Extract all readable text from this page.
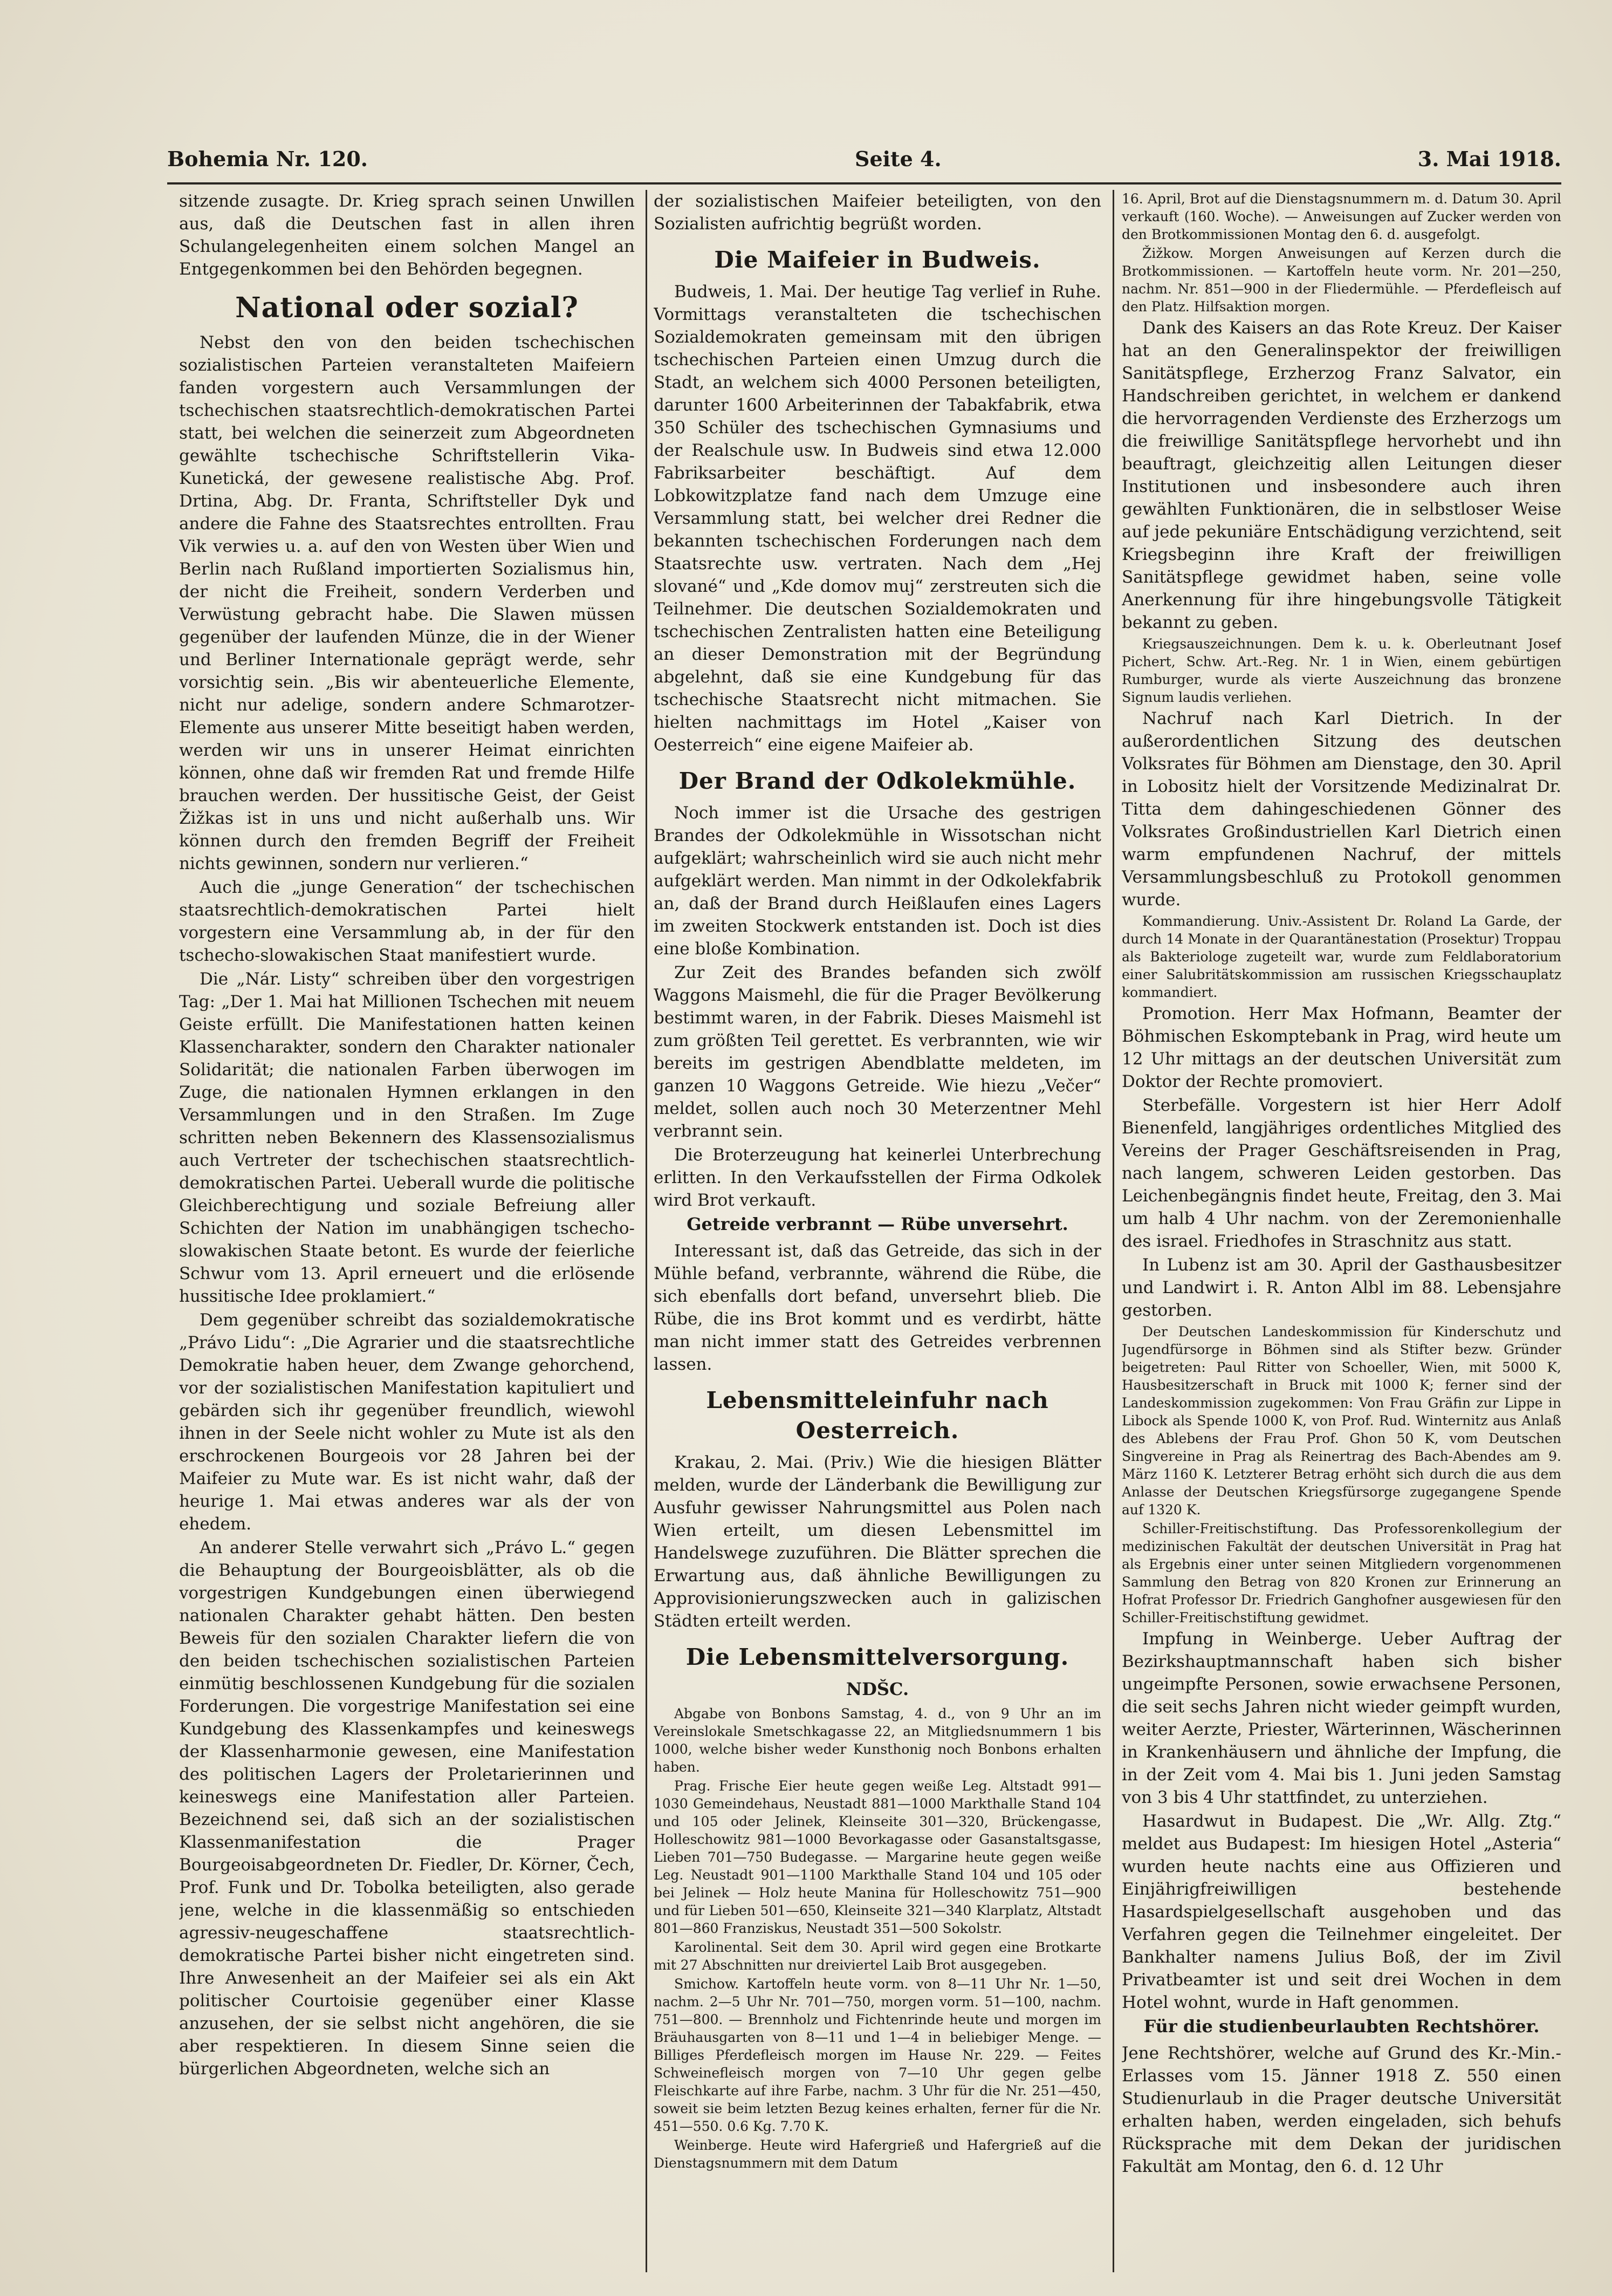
Bohemia Nr. 120.	Seite 4.	3. Mai 1918.

sitzende zusagte. Dr. Krieg sprach seinen Unwillen aus, daß die Deutschen fast in allen ihren Schulangelegenheiten einem solchen Mangel an Entgegenkommen bei den Behörden begegnen.

National oder sozial?

Nebst den von den beiden tschechischen sozialistischen Parteien veranstalteten Maifeiern fanden vorgestern auch Versammlungen der tschechischen staatsrechtlich-demokratischen Partei statt, bei welchen die seinerzeit zum Abgeordneten gewählte tschechische Schriftstellerin Vika-Kunetická, der gewesene realistische Abg. Prof. Drtina, Abg. Dr. Franta, Schriftsteller Dyk und andere die Fahne des Staatsrechtes entrollten. Frau Vik verwies u. a. auf den von Westen über Wien und Berlin nach Rußland importierten Sozialismus hin, der nicht die Freiheit, sondern Verderben und Verwüstung gebracht habe. Die Slawen müssen gegenüber der laufenden Münze, die in der Wiener und Berliner Internationale geprägt werde, sehr vorsichtig sein. „Bis wir abenteuerliche Elemente, nicht nur adelige, sondern andere Schmarotzer-Elemente aus unserer Mitte beseitigt haben werden, werden wir uns in unserer Heimat einrichten können, ohne daß wir fremden Rat und fremde Hilfe brauchen werden. Der hussitische Geist, der Geist Žižkas ist in uns und nicht außerhalb uns. Wir können durch den fremden Begriff der Freiheit nichts gewinnen, sondern nur verlieren.“

Auch die „junge Generation“ der tschechischen staatsrechtlich-demokratischen Partei hielt vorgestern eine Versammlung ab, in der für den tschecho-slowakischen Staat manifestiert wurde.

Die „Nár. Listy“ schreiben über den vorgestrigen Tag: „Der 1. Mai hat Millionen Tschechen mit neuem Geiste erfüllt. Die Manifestationen hatten keinen Klassencharakter, sondern den Charakter nationaler Solidarität; die nationalen Farben überwogen im Zuge, die nationalen Hymnen erklangen in den Versammlungen und in den Straßen. Im Zuge schritten neben Bekennern des Klassensozialismus auch Vertreter der tschechischen staatsrechtlich-demokratischen Partei. Ueberall wurde die politische Gleichberechtigung und soziale Befreiung aller Schichten der Nation im unabhängigen tschecho-slowakischen Staate betont. Es wurde der feierliche Schwur vom 13. April erneuert und die erlösende hussitische Idee proklamiert.“

Dem gegenüber schreibt das sozialdemokratische „Právo Lidu“: „Die Agrarier und die staatsrechtliche Demokratie haben heuer, dem Zwange gehorchend, vor der sozialistischen Manifestation kapituliert und gebärden sich ihr gegenüber freundlich, wiewohl ihnen in der Seele nicht wohler zu Mute ist als den erschrockenen Bourgeois vor 28 Jahren bei der Maifeier zu Mute war. Es ist nicht wahr, daß der heurige 1. Mai etwas anderes war als der von ehedem.

An anderer Stelle verwahrt sich „Právo L.“ gegen die Behauptung der Bourgeoisblätter, als ob die vorgestrigen Kundgebungen einen überwiegend nationalen Charakter gehabt hätten. Den besten Beweis für den sozialen Charakter liefern die von den beiden tschechischen sozialistischen Parteien einmütig beschlossenen Kundgebung für die sozialen Forderungen. Die vorgestrige Manifestation sei eine Kundgebung des Klassenkampfes und keineswegs der Klassenharmonie gewesen, eine Manifestation des politischen Lagers der Proletarierinnen und keineswegs eine Manifestation aller Parteien. Bezeichnend sei, daß sich an der sozialistischen Klassenmanifestation die Prager Bourgeoisabgeordneten Dr. Fiedler, Dr. Körner, Čech, Prof. Funk und Dr. Tobolka beteiligten, also gerade jene, welche in die klassenmäßig so entschieden agressiv-neugeschaffene staatsrechtlich-demokratische Partei bisher nicht eingetreten sind. Ihre Anwesenheit an der Maifeier sei als ein Akt politischer Courtoisie gegenüber einer Klasse anzusehen, der sie selbst nicht angehören, die sie aber respektieren. In diesem Sinne seien die bürgerlichen Abgeordneten, welche sich an

der sozialistischen Maifeier beteiligten, von den Sozialisten aufrichtig begrüßt worden.

Die Maifeier in Budweis.

Budweis, 1. Mai. Der heutige Tag verlief in Ruhe. Vormittags veranstalteten die tschechischen Sozialdemokraten gemeinsam mit den übrigen tschechischen Parteien einen Umzug durch die Stadt, an welchem sich 4000 Personen beteiligten, darunter 1600 Arbeiterinnen der Tabakfabrik, etwa 350 Schüler des tschechischen Gymnasiums und der Realschule usw. In Budweis sind etwa 12.000 Fabriksarbeiter beschäftigt. Auf dem Lobkowitzplatze fand nach dem Umzuge eine Versammlung statt, bei welcher drei Redner die bekannten tschechischen Forderungen nach dem Staatsrechte usw. vertraten. Nach dem „Hej slované“ und „Kde domov muj“ zerstreuten sich die Teilnehmer. Die deutschen Sozialdemokraten und tschechischen Zentralisten hatten eine Beteiligung an dieser Demonstration mit der Begründung abgelehnt, daß sie eine Kundgebung für das tschechische Staatsrecht nicht mitmachen. Sie hielten nachmittags im Hotel „Kaiser von Oesterreich“ eine eigene Maifeier ab.

Der Brand der Odkolekmühle.

Noch immer ist die Ursache des gestrigen Brandes der Odkolekmühle in Wissotschan nicht aufgeklärt; wahrscheinlich wird sie auch nicht mehr aufgeklärt werden. Man nimmt in der Odkolekfabrik an, daß der Brand durch Heißlaufen eines Lagers im zweiten Stockwerk entstanden ist. Doch ist dies eine bloße Kombination.

Zur Zeit des Brandes befanden sich zwölf Waggons Maismehl, die für die Prager Bevölkerung bestimmt waren, in der Fabrik. Dieses Maismehl ist zum größten Teil gerettet. Es verbrannten, wie wir bereits im gestrigen Abendblatte meldeten, im ganzen 10 Waggons Getreide. Wie hiezu „Večer“ meldet, sollen auch noch 30 Meterzentner Mehl verbrannt sein.

Die Broterzeugung hat keinerlei Unterbrechung erlitten. In den Verkaufsstellen der Firma Odkolek wird Brot verkauft.

Getreide verbrannt — Rübe unversehrt.

Interessant ist, daß das Getreide, das sich in der Mühle befand, verbrannte, während die Rübe, die sich ebenfalls dort befand, unversehrt blieb. Die Rübe, die ins Brot kommt und es verdirbt, hätte man nicht immer statt des Getreides verbrennen lassen.

Lebensmitteleinfuhr nach Oesterreich.

Krakau, 2. Mai. (Priv.) Wie die hiesigen Blätter melden, wurde der Länderbank die Bewilligung zur Ausfuhr gewisser Nahrungsmittel aus Polen nach Wien erteilt, um diesen Lebensmittel im Handelswege zuzuführen. Die Blätter sprechen die Erwartung aus, daß ähnliche Bewilligungen zu Approvisionierungszwecken auch in galizischen Städten erteilt werden.

Die Lebensmittelversorgung.
NDŠC.

Abgabe von Bonbons Samstag, 4. d., von 9 Uhr an im Vereinslokale Smetschkagasse 22, an Mitgliedsnummern 1 bis 1000, welche bisher weder Kunsthonig noch Bonbons erhalten haben.

Prag. Frische Eier heute gegen weiße Leg. Altstadt 991—1030 Gemeindehaus, Neustadt 881—1000 Markthalle Stand 104 und 105 oder Jelinek, Kleinseite 301—320, Brückengasse, Holleschowitz 981—1000 Bevorkagasse oder Gasanstaltsgasse, Lieben 701—750 Budegasse. — Margarine heute gegen weiße Leg. Neustadt 901—1100 Markthalle Stand 104 und 105 oder bei Jelinek — Holz heute Manina für Holleschowitz 751—900 und für Lieben 501—650, Kleinseite 321—340 Klarplatz, Altstadt 801—860 Franziskus, Neustadt 351—500 Sokolstr.

Karolinental. Seit dem 30. April wird gegen eine Brotkarte mit 27 Abschnitten nur dreiviertel Laib Brot ausgegeben.

Smichow. Kartoffeln heute vorm. von 8—11 Uhr Nr. 1—50, nachm. 2—5 Uhr Nr. 701—750, morgen vorm. 51—100, nachm. 751—800. — Brennholz und Fichtenrinde heute und morgen im Bräuhausgarten von 8—11 und 1—4 in beliebiger Menge. — Billiges Pferdefleisch morgen im Hause Nr. 229. — Feites Schweinefleisch morgen von 7—10 Uhr gegen gelbe Fleischkarte auf ihre Farbe, nachm. 3 Uhr für die Nr. 251—450, soweit sie beim letzten Bezug keines erhalten, ferner für die Nr. 451—550. 0.6 Kg. 7.70 K.

Weinberge. Heute wird Hafergrieß und Hafergrieß auf die Dienstagsnummern mit dem Datum

16. April, Brot auf die Dienstagsnummern m. d. Datum 30. April verkauft (160. Woche). — Anweisungen auf Zucker werden von den Brotkommissionen Montag den 6. d. ausgefolgt.

Žižkow. Morgen Anweisungen auf Kerzen durch die Brotkommissionen. — Kartoffeln heute vorm. Nr. 201—250, nachm. Nr. 851—900 in der Fliedermühle. — Pferdefleisch auf den Platz. Hilfsaktion morgen.

Dank des Kaisers an das Rote Kreuz. Der Kaiser hat an den Generalinspektor der freiwilligen Sanitätspflege, Erzherzog Franz Salvator, ein Handschreiben gerichtet, in welchem er dankend die hervorragenden Verdienste des Erzherzogs um die freiwillige Sanitätspflege hervorhebt und ihn beauftragt, gleichzeitig allen Leitungen dieser Institutionen und insbesondere auch ihren gewählten Funktionären, die in selbstloser Weise auf jede pekuniäre Entschädigung verzichtend, seit Kriegsbeginn ihre Kraft der freiwilligen Sanitätspflege gewidmet haben, seine volle Anerkennung für ihre hingebungsvolle Tätigkeit bekannt zu geben.

Kriegsauszeichnungen. Dem k. u. k. Oberleutnant Josef Pichert, Schw. Art.-Reg. Nr. 1 in Wien, einem gebürtigen Rumburger, wurde als vierte Auszeichnung das bronzene Signum laudis verliehen.

Nachruf nach Karl Dietrich. In der außerordentlichen Sitzung des deutschen Volksrates für Böhmen am Dienstage, den 30. April in Lobositz hielt der Vorsitzende Medizinalrat Dr. Titta dem dahingeschiedenen Gönner des Volksrates Großindustriellen Karl Dietrich einen warm empfundenen Nachruf, der mittels Versammlungsbeschluß zu Protokoll genommen wurde.

Kommandierung. Univ.-Assistent Dr. Roland La Garde, der durch 14 Monate in der Quarantänestation (Prosektur) Troppau als Bakteriologe zugeteilt war, wurde zum Feldlaboratorium einer Salubritätskommission am russischen Kriegsschauplatz kommandiert.

Promotion. Herr Max Hofmann, Beamter der Böhmischen Eskomptebank in Prag, wird heute um 12 Uhr mittags an der deutschen Universität zum Doktor der Rechte promoviert.

Sterbefälle. Vorgestern ist hier Herr Adolf Bienenfeld, langjähriges ordentliches Mitglied des Vereins der Prager Geschäftsreisenden in Prag, nach langem, schweren Leiden gestorben. Das Leichenbegängnis findet heute, Freitag, den 3. Mai um halb 4 Uhr nachm. von der Zeremonienhalle des israel. Friedhofes in Straschnitz aus statt.

In Lubenz ist am 30. April der Gasthausbesitzer und Landwirt i. R. Anton Albl im 88. Lebensjahre gestorben.

Der Deutschen Landeskommission für Kinderschutz und Jugendfürsorge in Böhmen sind als Stifter bezw. Gründer beigetreten: Paul Ritter von Schoeller, Wien, mit 5000 K, Hausbesitzerschaft in Bruck mit 1000 K; ferner sind der Landeskommission zugekommen: Von Frau Gräfin zur Lippe in Libock als Spende 1000 K, von Prof. Rud. Winternitz aus Anlaß des Ablebens der Frau Prof. Ghon 50 K, vom Deutschen Singvereine in Prag als Reinertrag des Bach-Abendes am 9. März 1160 K. Letzterer Betrag erhöht sich durch die aus dem Anlasse der Deutschen Kriegsfürsorge zugegangene Spende auf 1320 K.

Schiller-Freitischstiftung. Das Professorenkollegium der medizinischen Fakultät der deutschen Universität in Prag hat als Ergebnis einer unter seinen Mitgliedern vorgenommenen Sammlung den Betrag von 820 Kronen zur Erinnerung an Hofrat Professor Dr. Friedrich Ganghofner ausgewiesen für den Schiller-Freitischstiftung gewidmet.

Impfung in Weinberge. Ueber Auftrag der Bezirkshauptmannschaft haben sich bisher ungeimpfte Personen, sowie erwachsene Personen, die seit sechs Jahren nicht wieder geimpft wurden, weiter Aerzte, Priester, Wärterinnen, Wäscherinnen in Krankenhäusern und ähnliche der Impfung, die in der Zeit vom 4. Mai bis 1. Juni jeden Samstag von 3 bis 4 Uhr stattfindet, zu unterziehen.

Hasardwut in Budapest. Die „Wr. Allg. Ztg.“ meldet aus Budapest: Im hiesigen Hotel „Asteria“ wurden heute nachts eine aus Offizieren und Einjährigfreiwilligen bestehende Hasardspielgesellschaft ausgehoben und das Verfahren gegen die Teilnehmer eingeleitet. Der Bankhalter namens Julius Boß, der im Zivil Privatbeamter ist und seit drei Wochen in dem Hotel wohnt, wurde in Haft genommen.

Für die studienbeurlaubten Rechtshörer.

Jene Rechtshörer, welche auf Grund des Kr.-Min.-Erlasses vom 15. Jänner 1918 Z. 550 einen Studienurlaub in die Prager deutsche Universität erhalten haben, werden eingeladen, sich behufs Rücksprache mit dem Dekan der juridischen Fakultät am Montag, den 6. d. 12 Uhr
